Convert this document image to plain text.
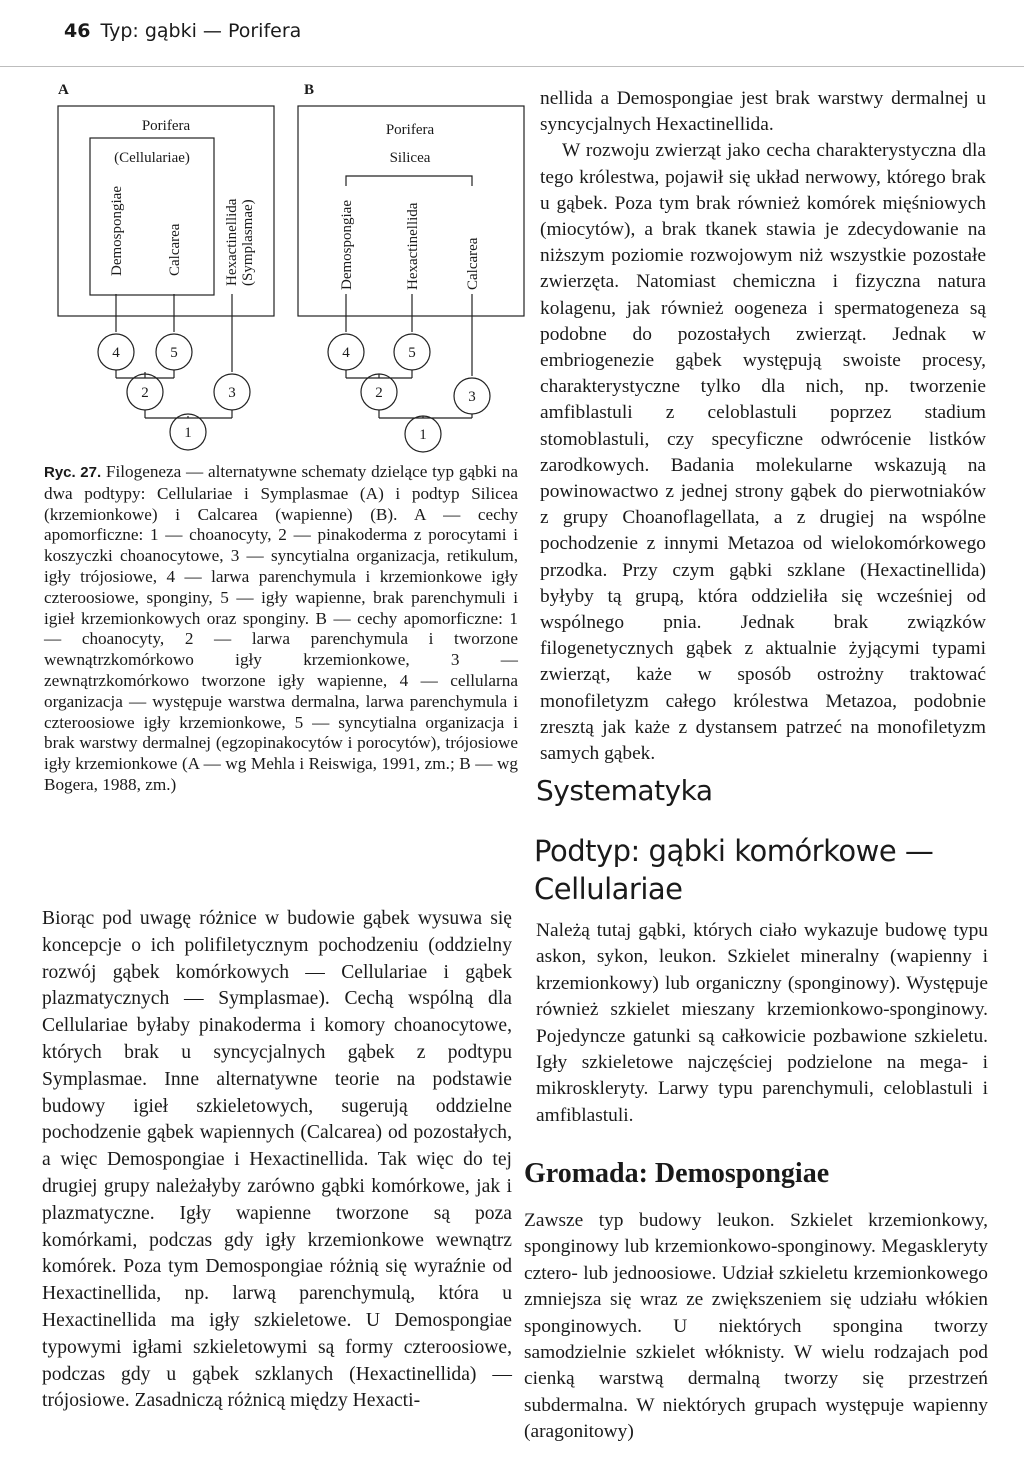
46 Typ: gąbki — Porifera
A
Porifera
(Cellulariae)
Demospongiae	Calcarea	Hexactinellida (Symplasmae)
4	5
2	3
1
B
Porifera
Silicea
Demospongiae	Hexactinellida	Calcarea
4	5
2	3
1
Ryc. 27. Filogeneza — alternatywne schematy dzielące typ gąbki na dwa podtypy: Cellulariae i Symplasmae (A) i podtyp Silicea (krzemionkowe) i Calcarea (wapienne) (B). A — cechy apomorficzne: 1 — choanocyty, 2 — pinakoderma z porocytami i koszyczki choanocytowe, 3 — syncytialna organizacja, retikulum, igły trójosiowe, 4 — larwa parenchymula i krzemionkowe igły czteroosiowe, sponginy, 5 — igły wapienne, brak parenchymuli i igieł krzemionkowych oraz sponginy. B — cechy apomorficzne: 1 — choanocyty, 2 — larwa parenchymula i tworzone wewnątrzkomórkowo igły krzemionkowe, 3 — zewnątrzkomórkowo tworzone igły wapienne, 4 — cellularna organizacja — występuje warstwa dermalna, larwa parenchymula i czteroosiowe igły krzemionkowe, 5 — syncytialna organizacja i brak warstwy dermalnej (egzopinakocytów i porocytów), trójosiowe igły krzemionkowe (A — wg Mehla i Reiswiga, 1991, zm.; B — wg Bogera, 1988, zm.)

Biorąc pod uwagę różnice w budowie gąbek wysuwa się koncepcje o ich polifiletycznym pochodzeniu (oddzielny rozwój gąbek komórkowych — Cellulariae i gąbek plazmatycznych — Symplasmae). Cechą wspólną dla Cellulariae byłaby pinakoderma i komory choanocytowe, których brak u syncycjalnych gąbek z podtypu Symplasmae. Inne alternatywne teorie na podstawie budowy igieł szkieletowych, sugerują oddzielne pochodzenie gąbek wapiennych (Calcarea) od pozostałych, a więc Demospongiae i Hexactinellida. Tak więc do tej drugiej grupy należałyby zarówno gąbki komórkowe, jak i plazmatyczne. Igły wapienne tworzone są poza komórkami, podczas gdy igły krzemionkowe wewnątrz komórek. Poza tym Demospongiae różnią się wyraźnie od Hexactinellida, np. larwą parenchymulą, która u Hexactinellida ma igły szkieletowe. U Demospongiae typowymi igłami szkieletowymi są formy czteroosiowe, podczas gdy u gąbek szklanych (Hexactinellida) — trójosiowe. Zasadniczą różnicą między Hexacti-

nellida a Demospongiae jest brak warstwy dermalnej u syncycjalnych Hexactinellida.

W rozwoju zwierząt jako cecha charakterystyczna dla tego królestwa, pojawił się układ nerwowy, którego brak u gąbek. Poza tym brak również komórek mięśniowych (miocytów), a brak tkanek stawia je zdecydowanie na niższym poziomie rozwojowym niż wszystkie pozostałe zwierzęta. Natomiast chemiczna i fizyczna natura kolagenu, jak również oogeneza i spermatogeneza są podobne do pozostałych zwierząt. Jednak w embriogenezie gąbek występują swoiste procesy, charakterystyczne tylko dla nich, np. tworzenie amfiblastuli z celoblastuli poprzez stadium stomoblastuli, czy specyficzne odwrócenie listków zarodkowych. Badania molekularne wskazują na powinowactwo z jednej strony gąbek do pierwotniaków z grupy Choanoflagellata, a z drugiej na wspólne pochodzenie z innymi Metazoa od wielokomórkowego przodka. Przy czym gąbki szklane (Hexactinellida) byłyby tą grupą, która oddzieliła się wcześniej od wspólnego pnia. Jednak brak związków filogenetycznych gąbek z aktualnie żyjącymi typami zwierząt, każe w sposób ostrożny traktować monofiletyzm całego królestwa Metazoa, podobnie zresztą jak każe z dystansem patrzeć na monofiletyzm samych gąbek.

Systematyka
Podtyp: gąbki komórkowe — Cellulariae

Należą tutaj gąbki, których ciało wykazuje budowę typu askon, sykon, leukon. Szkielet mineralny (wapienny i krzemionkowy) lub organiczny (sponginowy). Występuje również szkielet mieszany krzemionkowo-sponginowy. Pojedyncze gatunki są całkowicie pozbawione szkieletu. Igły szkieletowe najczęściej podzielone na mega- i mikroskleryty. Larwy typu parenchymuli, celoblastuli i amfiblastuli.

Gromada: Demospongiae

Zawsze typ budowy leukon. Szkielet krzemionkowy, sponginowy lub krzemionkowo-sponginowy. Megaskleryty cztero- lub jednoosiowe. Udział szkieletu krzemionkowego zmniejsza się wraz ze zwiększeniem się udziału włókien sponginowych. U niektórych spongina tworzy samodzielnie szkielet włóknisty. W wielu rodzajach pod cienką warstwą dermalną tworzy się przestrzeń subdermalna. W niektórych grupach występuje wapienny (aragonitowy)
